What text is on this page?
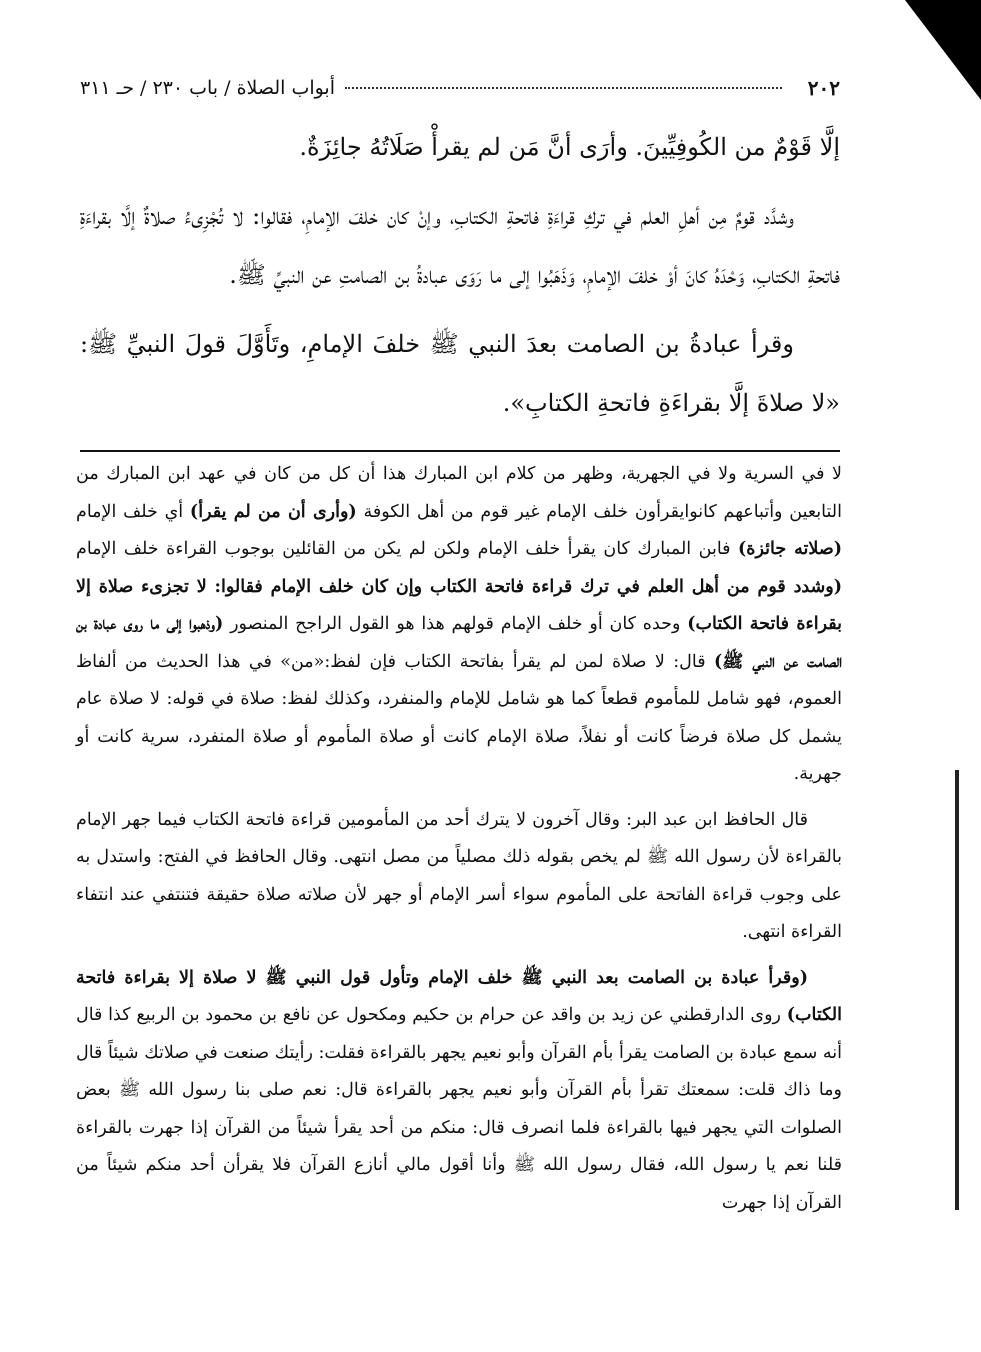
٢٠٢
أبواب الصلاة / باب ٢٣٠ / حـ ٣١١

إلَّا قَوْمٌ من الكُوفِيِّينَ. وأرَى أنَّ مَن لم يقرأْ صَلَاتُهُ جائِزَةٌ.

وشدَّد قومٌ مِن أهلِ العلم في تركِ قراءَةِ فاتحةِ الكتابِ، وإنْ كان خلفَ الإمامِ، فقالوا: لا تُجْزِىءُ صلاةٌ إلَّا بقراءَةِ فاتحةِ الكتابِ، وَحْدَهُ كانَ أوْ خلفَ الإمامِ، وَذَهَبُوا إلى ما رَوَى عبادةُ بن الصامتِ عن النبيِّ ﷺ.

وقرأ عبادةُ بن الصامت بعدَ النبي ﷺ خلفَ الإمامِ، وتَأَوَّلَ قولَ النبيِّ ﷺ: «لا صلاةَ إلَّا بقراءَةِ فاتحةِ الكتابِ».

لا في السرية ولا في الجهرية، وظهر من كلام ابن المبارك هذا أن كل من كان في عهد ابن المبارك من التابعين وأتباعهم كانوايقرأون خلف الإمام غير قوم من أهل الكوفة (وأرى أن من لم يقرأ) أي خلف الإمام (صلاته جائزة) فابن المبارك كان يقرأ خلف الإمام ولكن لم يكن من القائلين بوجوب القراءة خلف الإمام (وشدد قوم من أهل العلم في ترك قراءة فاتحة الكتاب وإن كان خلف الإمام فقالوا: لا تجزىء صلاة إلا بقراءة فاتحة الكتاب) وحده كان أو خلف الإمام قولهم هذا هو القول الراجح المنصور (وذهبوا إلى ما روى عبادة بن الصامت عن النبي ﷺ) قال: لا صلاة لمن لم يقرأ بفاتحة الكتاب فإن لفظ:«من» في هذا الحديث من ألفاظ العموم، فهو شامل للمأموم قطعاً كما هو شامل للإمام والمنفرد، وكذلك لفظ: صلاة في قوله: لا صلاة عام يشمل كل صلاة فرضاً كانت أو نفلاً، صلاة الإمام كانت أو صلاة المأموم أو صلاة المنفرد، سرية كانت أو جهرية.

قال الحافظ ابن عبد البر: وقال آخرون لا يترك أحد من المأمومين قراءة فاتحة الكتاب فيما جهر الإمام بالقراءة لأن رسول الله ﷺ لم يخص بقوله ذلك مصلياً من مصل انتهى. وقال الحافظ في الفتح: واستدل به على وجوب قراءة الفاتحة على المأموم سواء أسر الإمام أو جهر لأن صلاته صلاة حقيقة فتنتفي عند انتفاء القراءة انتهى.

(وقرأ عبادة بن الصامت بعد النبي ﷺ خلف الإمام وتأول قول النبي ﷺ لا صلاة إلا بقراءة فاتحة الكتاب) روى الدارقطني عن زيد بن واقد عن حرام بن حكيم ومكحول عن نافع بن محمود بن الربيع كذا قال أنه سمع عبادة بن الصامت يقرأ بأم القرآن وأبو نعيم يجهر بالقراءة فقلت: رأيتك صنعت في صلاتك شيئاً قال وما ذاك قلت: سمعتك تقرأ بأم القرآن وأبو نعيم يجهر بالقراءة قال: نعم صلى بنا رسول الله ﷺ بعض الصلوات التي يجهر فيها بالقراءة فلما انصرف قال: منكم من أحد يقرأ شيئاً من القرآن إذا جهرت بالقراءة قلنا نعم يا رسول الله، فقال رسول الله ﷺ وأنا أقول مالي أنازع القرآن فلا يقرأن أحد منكم شيئاً من القرآن إذا جهرت
